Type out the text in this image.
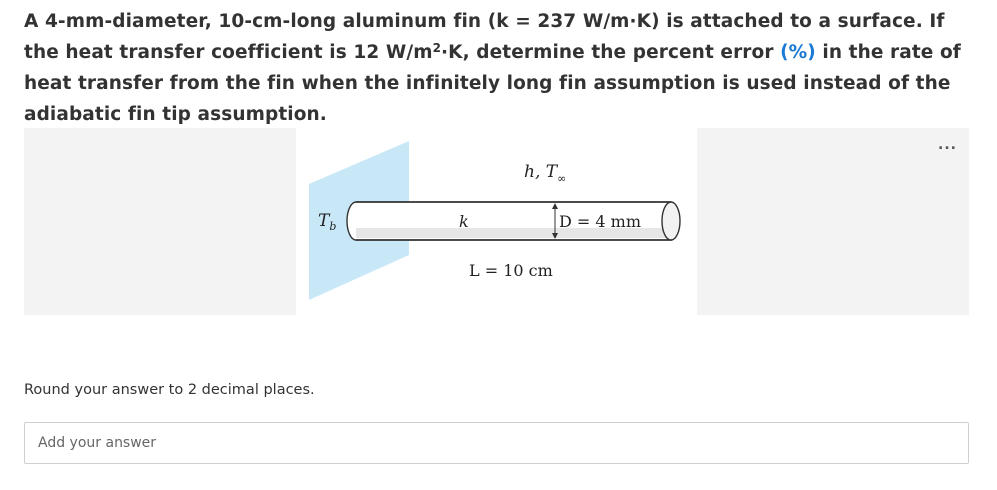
A 4-mm-diameter, 10-cm-long aluminum fin (k = 237 W/m·K) is attached to a surface. If the heat transfer coefficient is 12 $W/m^2\cdot K$, determine the percent error (%) in the rate of heat transfer from the fin when the infinitely long fin assumption is used instead of the adiabatic fin tip assumption.
$T_b$	k	D = 4 mm
h, $T_\infty$
L = 10 cm
...
Round your answer to 2 decimal places.
Add your answer
